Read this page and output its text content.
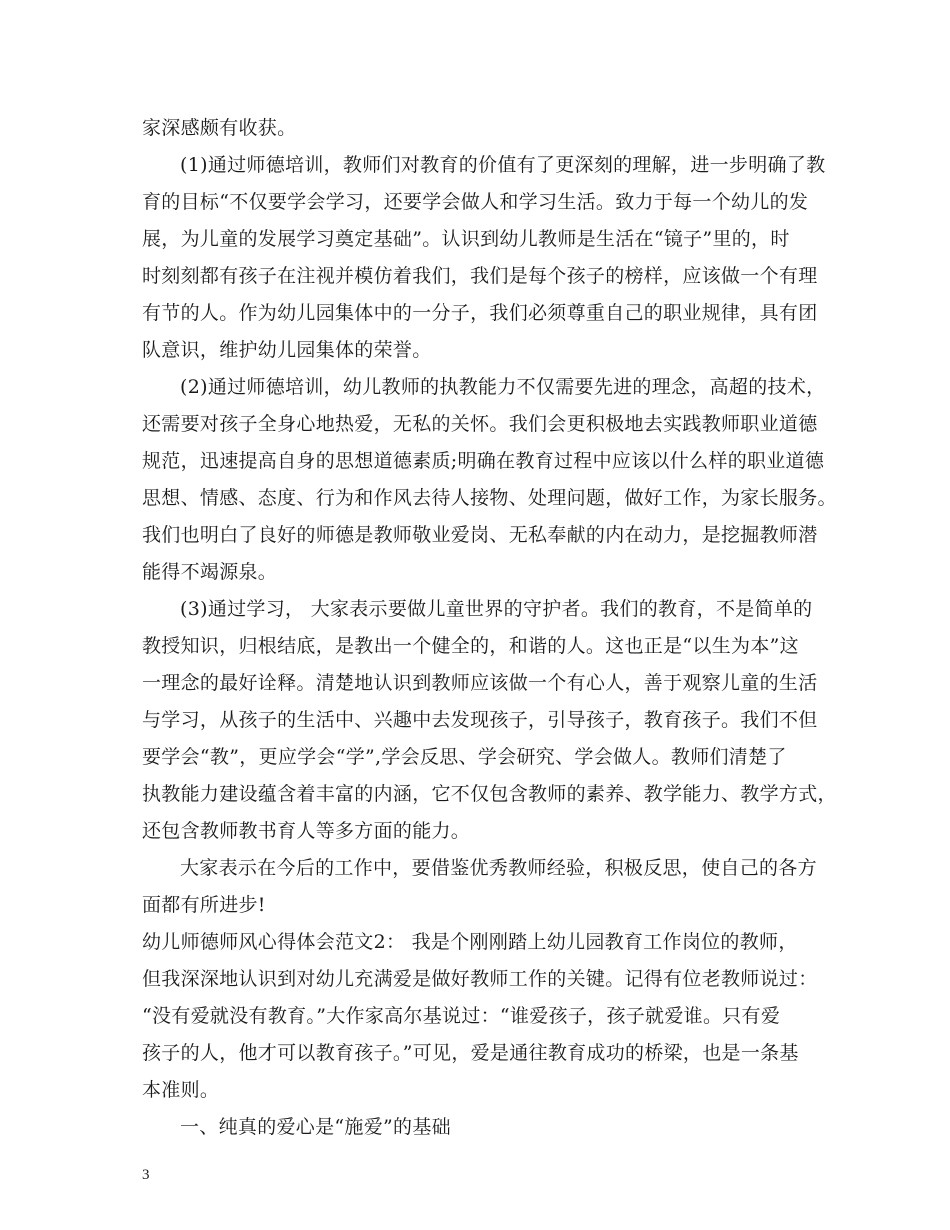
家深感颇有收获。
(1)通过师德培训，教师们对教育的价值有了更深刻的理解，进一步明确了教
育的目标“不仅要学会学习，还要学会做人和学习生活。致力于每一个幼儿的发
展，为儿童的发展学习奠定基础”。认识到幼儿教师是生活在“镜子”里的，时
时刻刻都有孩子在注视并模仿着我们，我们是每个孩子的榜样，应该做一个有理
有节的人。作为幼儿园集体中的一分子，我们必须尊重自己的职业规律，具有团
队意识，维护幼儿园集体的荣誉。
(2)通过师德培训，幼儿教师的执教能力不仅需要先进的理念，高超的技术，
还需要对孩子全身心地热爱，无私的关怀。我们会更积极地去实践教师职业道德
规范，迅速提高自身的思想道德素质;明确在教育过程中应该以什么样的职业道德
思想、情感、态度、行为和作风去待人接物、处理问题，做好工作，为家长服务。
我们也明白了良好的师德是教师敬业爱岗、无私奉献的内在动力，是挖掘教师潜
能得不竭源泉。
(3)通过学习， 大家表示要做儿童世界的守护者。我们的教育，不是简单的
教授知识，归根结底，是教出一个健全的，和谐的人。这也正是“以生为本”这
一理念的最好诠释。清楚地认识到教师应该做一个有心人，善于观察儿童的生活
与学习，从孩子的生活中、兴趣中去发现孩子，引导孩子，教育孩子。我们不但
要学会“教”，更应学会“学”,学会反思、学会研究、学会做人。教师们清楚了
执教能力建设蕴含着丰富的内涵，它不仅包含教师的素养、教学能力、教学方式，
还包含教师教书育人等多方面的能力。
大家表示在今后的工作中，要借鉴优秀教师经验，积极反思，使自己的各方
面都有所进步!
幼儿师德师风心得体会范文2： 我是个刚刚踏上幼儿园教育工作岗位的教师，
但我深深地认识到对幼儿充满爱是做好教师工作的关键。记得有位老教师说过：
“没有爱就没有教育。”大作家高尔基说过：“谁爱孩子，孩子就爱谁。只有爱
孩子的人，他才可以教育孩子。”可见，爱是通往教育成功的桥梁，也是一条基
本准则。
一、纯真的爱心是“施爱”的基础
3
